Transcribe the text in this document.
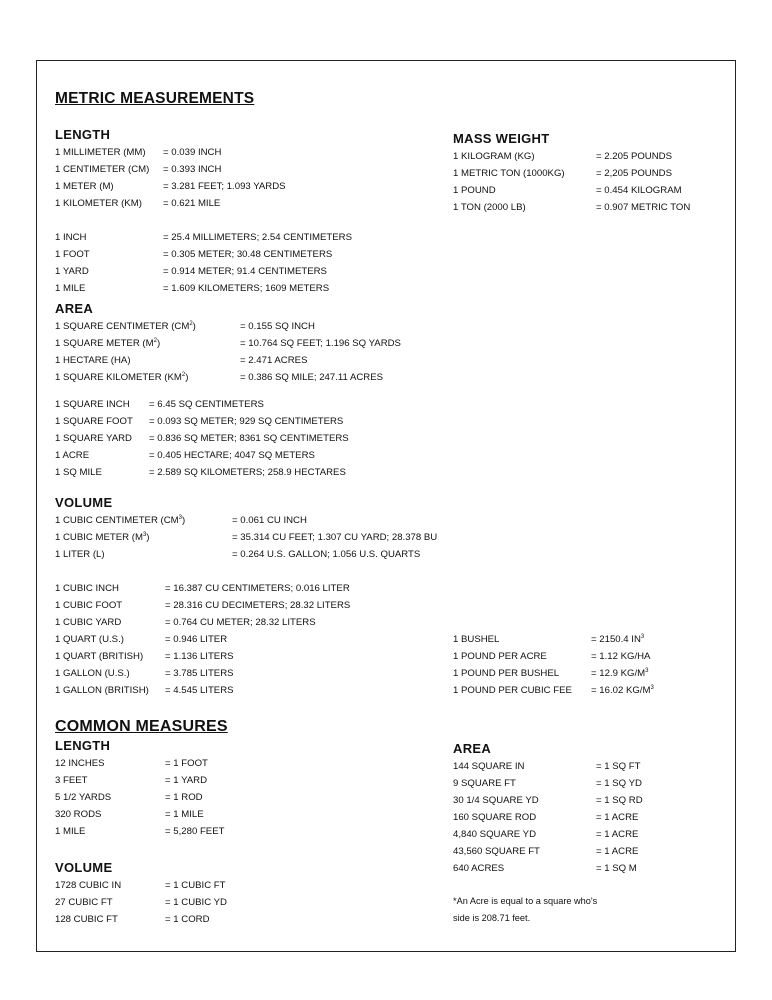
METRIC MEASUREMENTS
LENGTH
1 MILLIMETER (MM) = 0.039 INCH
1 CENTIMETER (CM) = 0.393 INCH
1 METER (M)	= 3.281 FEET; 1.093 YARDS
1 KILOMETER (KM) = 0.621 MILE
1 INCH	= 25.4 MILLIMETERS; 2.54 CENTIMETERS
1 FOOT	= 0.305 METER; 30.48 CENTIMETERS
1 YARD	= 0.914 METER; 91.4 CENTIMETERS
1 MILE	= 1.609 KILOMETERS; 1609 METERS
MASS WEIGHT
1 KILOGRAM (KG)	= 2.205 POUNDS
1 METRIC TON (1000KG)	= 2,205 POUNDS
1 POUND	= 0.454 KILOGRAM
1 TON (2000 LB)	= 0.907 METRIC TON
AREA
1 SQUARE CENTIMETER $(CM^2)$	= 0.155 SQ INCH
1 SQUARE METER $(M^2)$	= 10.764 SQ FEET; 1.196 SQ YARDS
1 HECTARE (HA)	= 2.471 ACRES
1 SQUARE KILOMETER $(KM^2)$	= 0.386 SQ MILE; 247.11 ACRES
1 SQUARE INCH = 6.45 SQ CENTIMETERS
1 SQUARE FOOT = 0.093 SQ METER; 929 SQ CENTIMETERS
1 SQUARE YARD = 0.836 SQ METER; 8361 SQ CENTIMETERS
1 ACRE	= 0.405 HECTARE; 4047 SQ METERS
1 SQ MILE	= 2.589 SQ KILOMETERS; 258.9 HECTARES
VOLUME
1 CUBIC CENTIMETER $(CM^3)$	= 0.061 CU INCH
1 CUBIC METER $(M^3)$	= 35.314 CU FEET; 1.307 CU YARD; 28.378 BU
1 LITER (L)	= 0.264 U.S. GALLON; 1.056 U.S. QUARTS
1 CUBIC INCH	= 16.387 CU CENTIMETERS; 0.016 LITER
1 CUBIC FOOT	= 28.316 CU DECIMETERS; 28.32 LITERS
1 CUBIC YARD	= 0.764 CU METER; 28.32 LITERS
1 QUART (U.S.)	= 0.946 LITER
1 QUART (BRITISH) = 1.136 LITERS
1 GALLON (U.S.)	= 3.785 LITERS
1 GALLON (BRITISH) = 4.545 LITERS
1 BUSHEL	= 2150.4 $IN^3$
1 POUND PER ACRE	= 1.12 KG/HA
1 POUND PER BUSHEL	= 12.9 $KG/M^3$
1 POUND PER CUBIC FEE = 16.02 $KG/M^3$
COMMON MEASURES
LENGTH
12 INCHES	= 1 FOOT
3 FEET	= 1 YARD
5 1/2 YARDS	= 1 ROD
320 RODS	= 1 MILE
1 MILE	= 5,280 FEET
VOLUME
1728 CUBIC IN	= 1 CUBIC FT
27 CUBIC FT	= 1 CUBIC YD
128 CUBIC FT	= 1 CORD
AREA
144 SQUARE IN	= 1 SQ FT
9 SQUARE FT	= 1 SQ YD
30 1/4 SQUARE YD	= 1 SQ RD
160 SQUARE ROD	= 1 ACRE
4,840 SQUARE YD	= 1 ACRE
43,560 SQUARE FT	= 1 ACRE
640 ACRES	= 1 SQ M
*An Acre is equal to a square who's
side is 208.71 feet.
